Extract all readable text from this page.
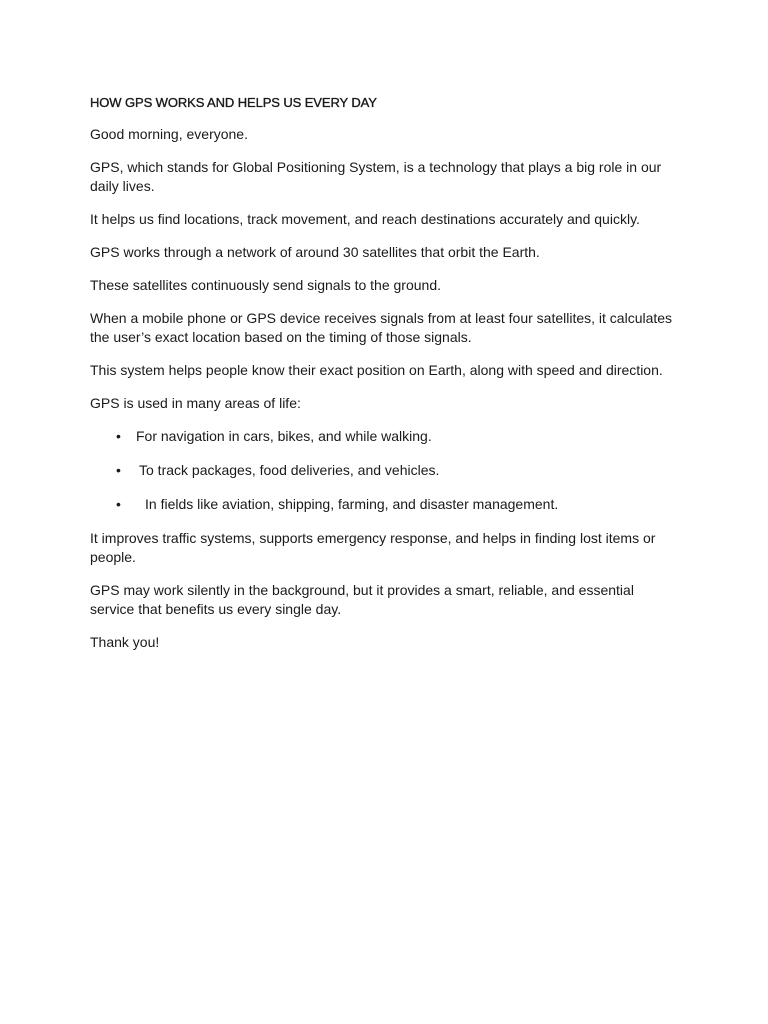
HOW GPS WORKS AND HELPS US EVERY DAY

Good morning, everyone.

GPS, which stands for Global Positioning System, is a technology that plays a big role in our daily lives.

It helps us find locations, track movement, and reach destinations accurately and quickly.

GPS works through a network of around 30 satellites that orbit the Earth.

These satellites continuously send signals to the ground.

When a mobile phone or GPS device receives signals from at least four satellites, it calculates the user’s exact location based on the timing of those signals.

This system helps people know their exact position on Earth, along with speed and direction.

GPS is used in many areas of life:

• For navigation in cars, bikes, and while walking.
• To track packages, food deliveries, and vehicles.
• In fields like aviation, shipping, farming, and disaster management.

It improves traffic systems, supports emergency response, and helps in finding lost items or people.

GPS may work silently in the background, but it provides a smart, reliable, and essential service that benefits us every single day.

Thank you!
